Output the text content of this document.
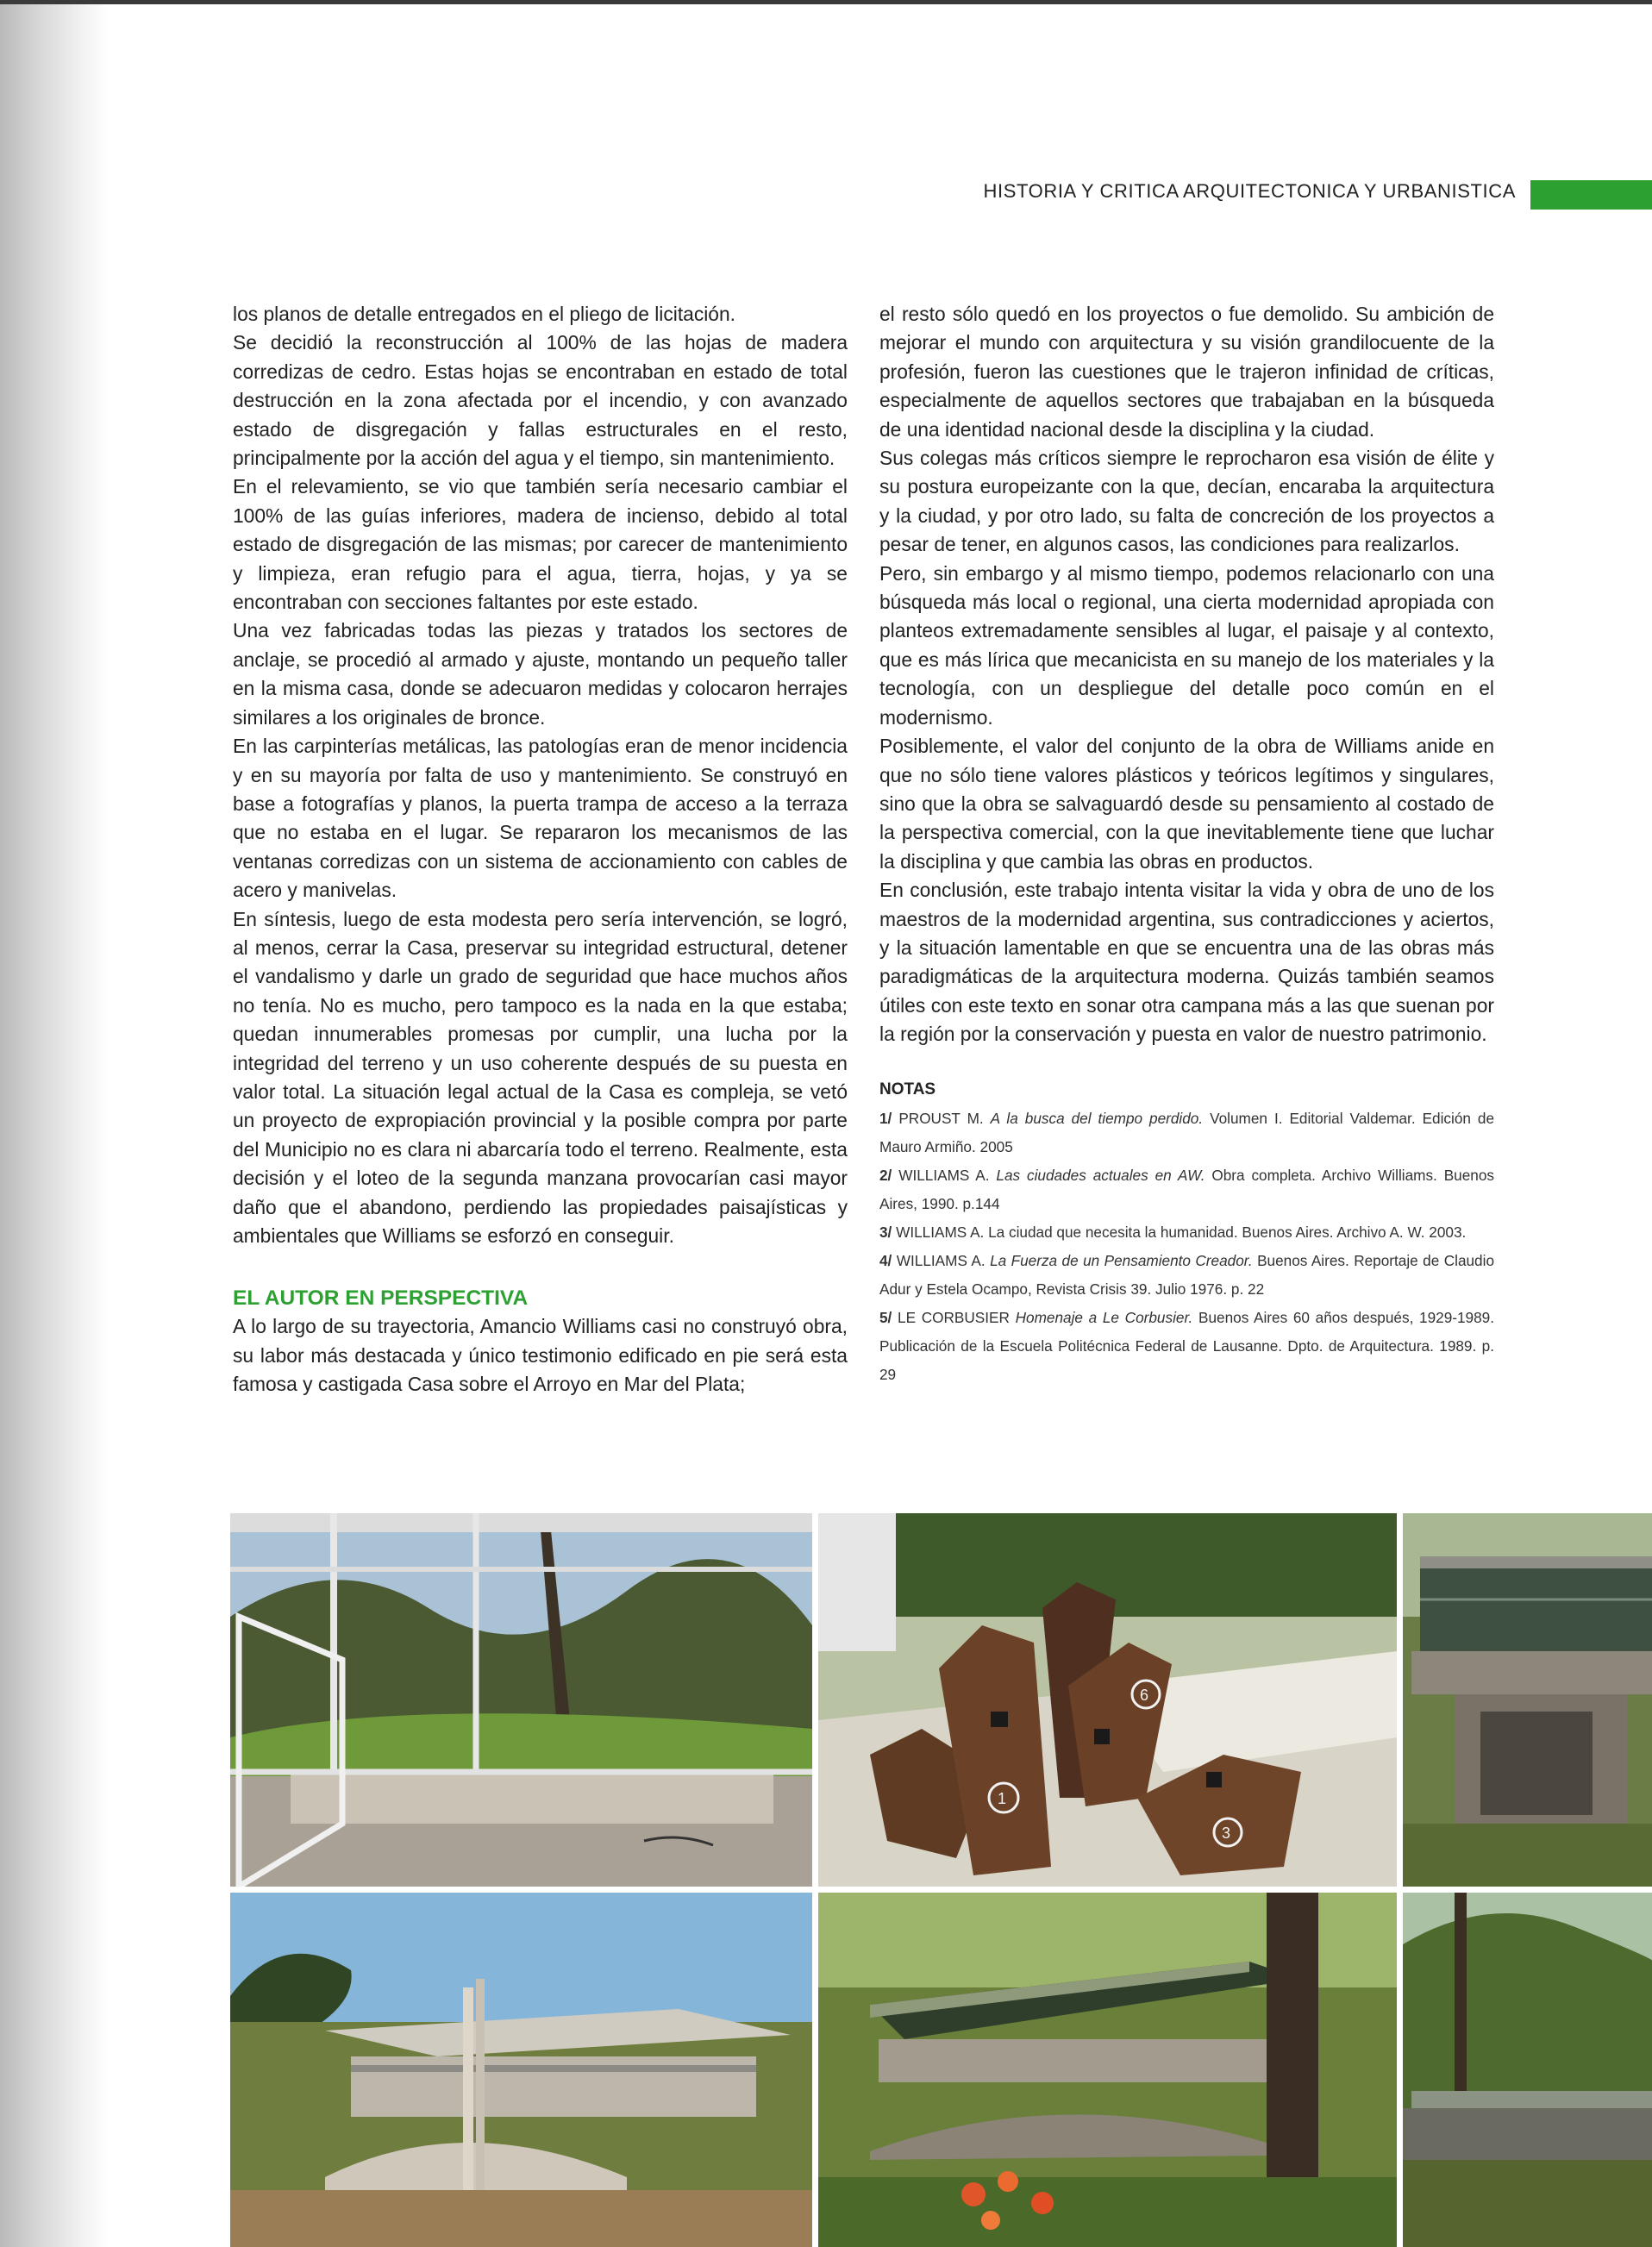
HISTORIA Y CRITICA ARQUITECTONICA Y URBANISTICA

los planos de detalle entregados en el pliego de licitación.

Se decidió la reconstrucción al 100% de las hojas de madera corredizas de cedro. Estas hojas se encontraban en estado de total destrucción en la zona afectada por el incendio, y con avanzado estado de disgregación y fallas estructurales en el resto, principalmente por la acción del agua y el tiempo, sin mantenimiento.

En el relevamiento, se vio que también sería necesario cambiar el 100% de las guías inferiores, madera de incienso, debido al total estado de disgregación de las mismas; por carecer de mantenimiento y limpieza, eran refugio para el agua, tierra, hojas, y ya se encontraban con secciones faltantes por este estado.

Una vez fabricadas todas las piezas y tratados los sectores de anclaje, se procedió al armado y ajuste, montando un pequeño taller en la misma casa, donde se adecuaron medidas y colocaron herrajes similares a los originales de bronce.

En las carpinterías metálicas, las patologías eran de menor incidencia y en su mayoría por falta de uso y mantenimiento. Se construyó en base a fotografías y planos, la puerta trampa de acceso a la terraza que no estaba en el lugar. Se repararon los mecanismos de las ventanas corredizas con un sistema de accionamiento con cables de acero y manivelas.

En síntesis, luego de esta modesta pero sería intervención, se logró, al menos, cerrar la Casa, preservar su integridad estructural, detener el vandalismo y darle un grado de seguridad que hace muchos años no tenía. No es mucho, pero tampoco es la nada en la que estaba; quedan innumerables promesas por cumplir, una lucha por la integridad del terreno y un uso coherente después de su puesta en valor total. La situación legal actual de la Casa es compleja, se vetó un proyecto de expropiación provincial y la posible compra por parte del Municipio no es clara ni abarcaría todo el terreno. Realmente, esta decisión y el loteo de la segunda manzana provocarían casi mayor daño que el abandono, perdiendo las propiedades paisajísticas y ambientales que Williams se esforzó en conseguir.

EL AUTOR EN PERSPECTIVA

A lo largo de su trayectoria, Amancio Williams casi no construyó obra, su labor más destacada y único testimonio edificado en pie será esta famosa y castigada Casa sobre el Arroyo en Mar del Plata;

el resto sólo quedó en los proyectos o fue demolido. Su ambición de mejorar el mundo con arquitectura y su visión grandilocuente de la profesión, fueron las cuestiones que le trajeron infinidad de críticas, especialmente de aquellos sectores que trabajaban en la búsqueda de una identidad nacional desde la disciplina y la ciudad.

Sus colegas más críticos siempre le reprocharon esa visión de élite y su postura europeizante con la que, decían, encaraba la arquitectura y la ciudad, y por otro lado, su falta de concreción de los proyectos a pesar de tener, en algunos casos, las condiciones para realizarlos.

Pero, sin embargo y al mismo tiempo, podemos relacionarlo con una búsqueda más local o regional, una cierta modernidad apropiada con planteos extremadamente sensibles al lugar, el paisaje y al contexto, que es más lírica que mecanicista en su manejo de los materiales y la tecnología, con un despliegue del detalle poco común en el modernismo.

Posiblemente, el valor del conjunto de la obra de Williams anide en que no sólo tiene valores plásticos y teóricos legítimos y singulares, sino que la obra se salvaguardó desde su pensamiento al costado de la perspectiva comercial, con la que inevitablemente tiene que luchar la disciplina y que cambia las obras en productos.

En conclusión, este trabajo intenta visitar la vida y obra de uno de los maestros de la modernidad argentina, sus contradicciones y aciertos, y la situación lamentable en que se encuentra una de las obras más paradigmáticas de la arquitectura moderna. Quizás también seamos útiles con este texto en sonar otra campana más a las que suenan por la región por la conservación y puesta en valor de nuestro patrimonio.

NOTAS

1/ PROUST M. A la busca del tiempo perdido. Volumen I. Editorial Valdemar. Edición de Mauro Armiño. 2005

2/ WILLIAMS A. Las ciudades actuales en AW. Obra completa. Archivo Williams. Buenos Aires, 1990. p.144

3/ WILLIAMS A. La ciudad que necesita la humanidad. Buenos Aires. Archivo A. W. 2003.

4/ WILLIAMS A. La Fuerza de un Pensamiento Creador. Buenos Aires. Reportaje de Claudio Adur y Estela Ocampo, Revista Crisis 39. Julio 1976. p. 22

5/ LE CORBUSIER Homenaje a Le Corbusier. Buenos Aires 60 años después, 1929-1989. Publicación de la Escuela Politécnica Federal de Lausanne. Dpto. de Arquitectura. 1989. p. 29

1
6
3
